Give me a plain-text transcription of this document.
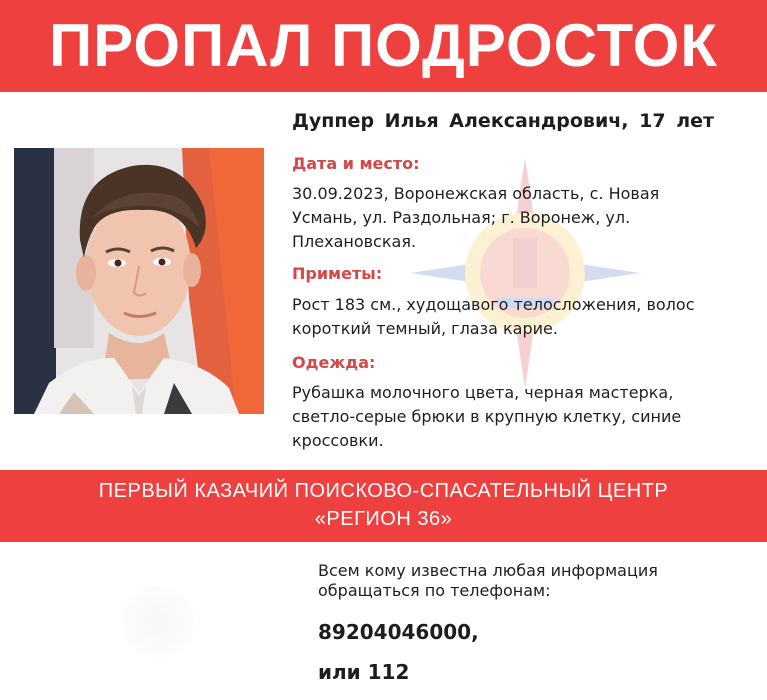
ПРОПАЛ ПОДРОСТОК
Дуппер Илья Александрович, 17 лет
Дата и место:
30.09.2023, Воронежская область, с. Новая
Усмань, ул. Раздольная; г. Воронеж, ул.
Плехановская.
Приметы:
Рост 183 см., худощавого телосложения, волос
короткий темный, глаза карие.
Одежда:
Рубашка молочного цвета, черная мастерка,
светло-серые брюки в крупную клетку, синие
кроссовки.
ПЕРВЫЙ КАЗАЧИЙ ПОИСКОВО-СПАСАТЕЛЬНЫЙ ЦЕНТР
«РЕГИОН 36»
Всем кому известна любая информация
обращаться по телефонам:
89204046000,
или 112
